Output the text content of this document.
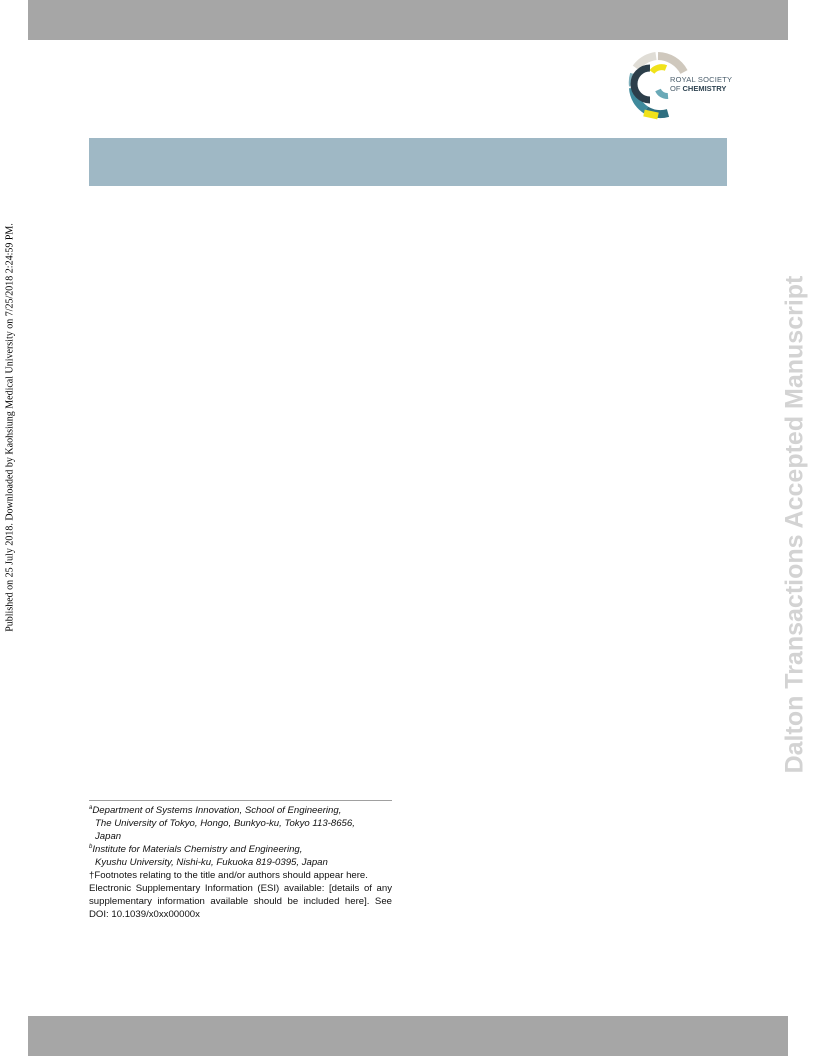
ROYAL SOCIETY
OF CHEMISTRY
Published on 25 July 2018. Downloaded by Kaohsiung Medical University on 7/25/2018 2:24:59 PM.	Dalton Transactions Accepted Manuscript
$^a$Department of Systems Innovation, School of Engineering,
The University of Tokyo, Hongo, Bunkyo-ku, Tokyo 113-8656,
Japan
$^b$Institute for Materials Chemistry and Engineering,
Kyushu University, Nishi-ku, Fukuoka 819-0395, Japan
†Footnotes relating to the title and/or authors should appear here.
Electronic Supplementary Information (ESI) available: [details of any supplementary information available should be included here]. See DOI: 10.1039/x0xx00000x
